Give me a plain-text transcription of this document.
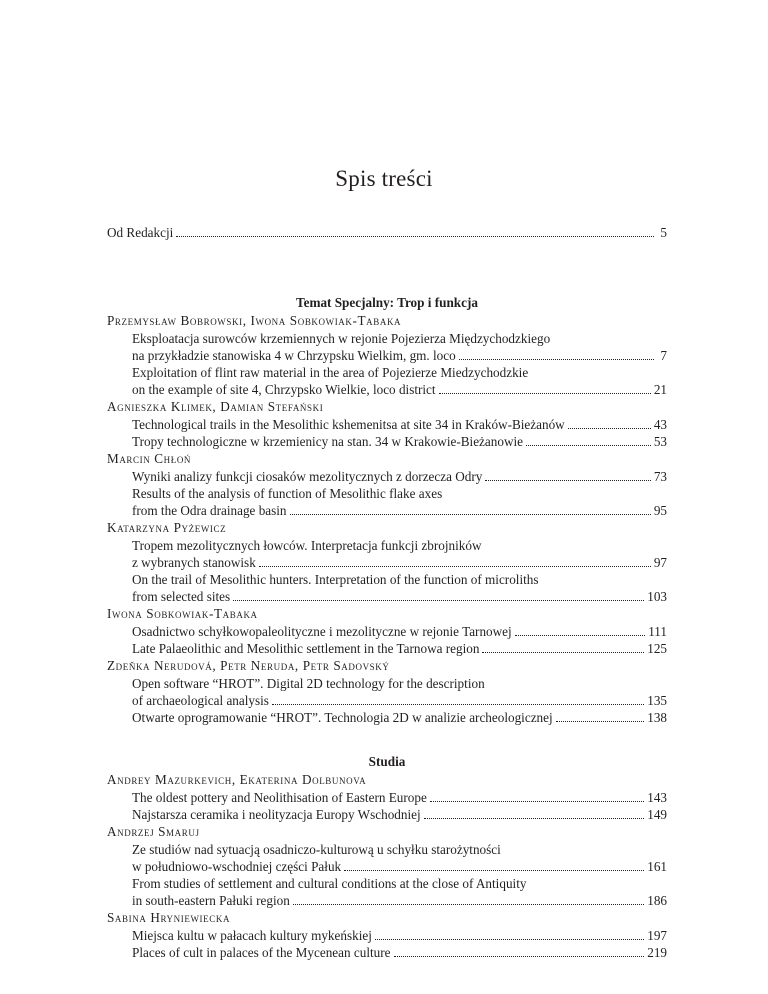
Spis treści
Od Redakcji	5
Temat Specjalny: Trop i funkcja
Przemysław Bobrowski, Iwona Sobkowiak-Tabaka
Eksploatacja surowców krzemiennych w rejonie Pojezierza Międzychodzkiego
na przykładzie stanowiska 4 w Chrzypsku Wielkim, gm. loco	7
Exploitation of flint raw material in the area of Pojezierze Miedzychodzkie
on the example of site 4, Chrzypsko Wielkie, loco district	21
Agnieszka Klimek, Damian Stefański
Technological trails in the Mesolithic kshemenitsa at site 34 in Kraków-Bieżanów	43
Tropy technologiczne w krzemienicy na stan. 34 w Krakowie-Bieżanowie	53
Marcin Chłoń
Wyniki analizy funkcji ciosaków mezolitycznych z dorzecza Odry	73
Results of the analysis of function of Mesolithic flake axes
from the Odra drainage basin	95
Katarzyna Pyżewicz
Tropem mezolitycznych łowców. Interpretacja funkcji zbrojników
z wybranych stanowisk	97
On the trail of Mesolithic hunters. Interpretation of the function of microliths
from selected sites	103
Iwona Sobkowiak-Tabaka
Osadnictwo schyłkowopaleolityczne i mezolityczne w rejonie Tarnowej	111
Late Palaeolithic and Mesolithic settlement in the Tarnowa region	125
Zdeňka Nerudová, Petr Neruda, Petr Sadovský
Open software “HROT”. Digital 2D technology for the description
of archaeological analysis	135
Otwarte oprogramowanie “HROT”. Technologia 2D w analizie archeologicznej	138
Studia
Andrey Mazurkevich, Ekaterina Dolbunova
The oldest pottery and Neolithisation of Eastern Europe	143
Najstarsza ceramika i neolityzacja Europy Wschodniej	149
Andrzej Smaruj
Ze studiów nad sytuacją osadniczo-kulturową u schyłku starożytności
w południowo-wschodniej części Pałuk	161
From studies of settlement and cultural conditions at the close of Antiquity
in south-eastern Pałuki region	186
Sabina Hryniewiecka
Miejsca kultu w pałacach kultury mykeńskiej	197
Places of cult in palaces of the Mycenean culture	219
